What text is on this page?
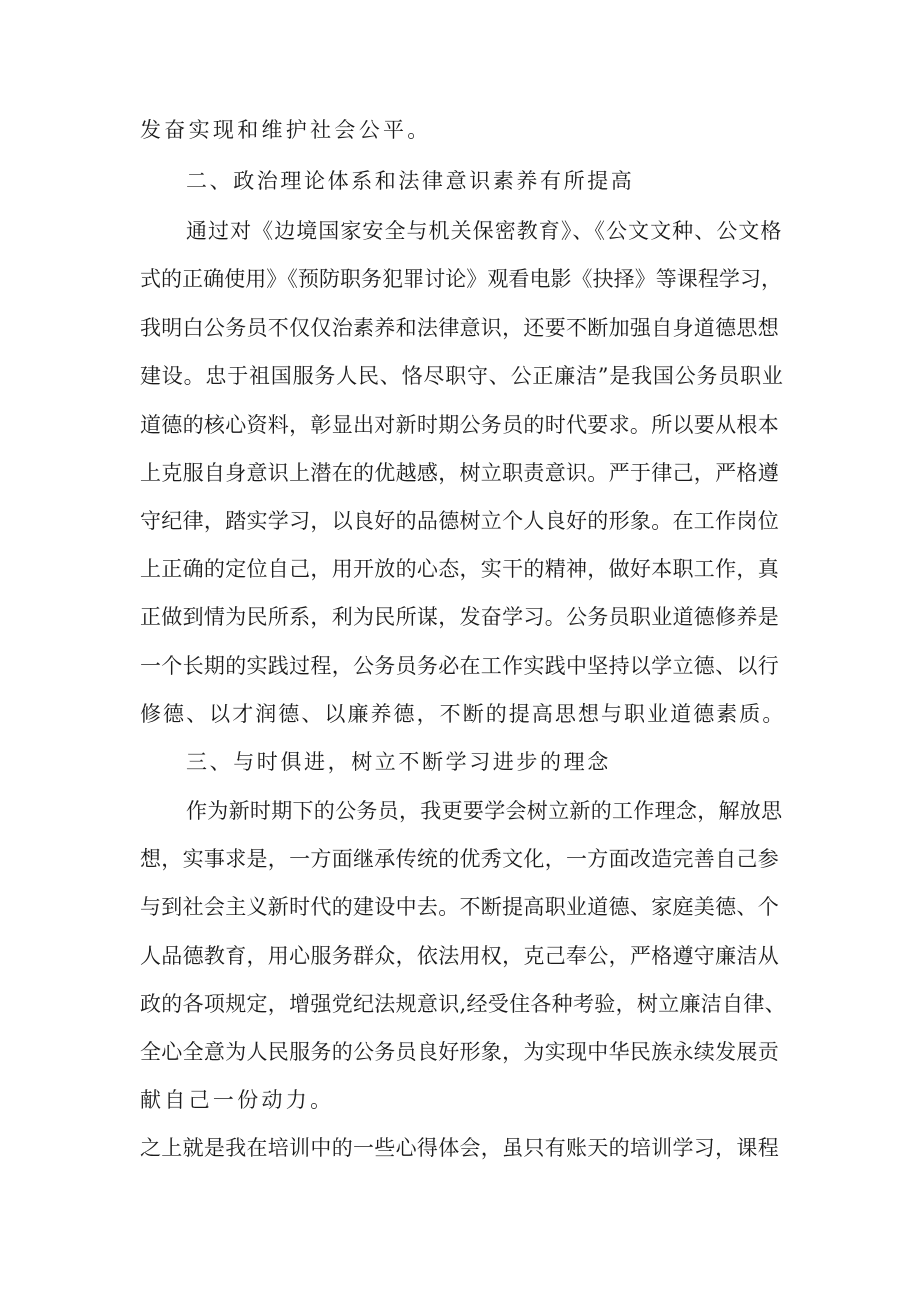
发奋实现和维护社会公平。
二、政治理论体系和法律意识素养有所提高
通过对《边境国家安全与机关保密教育》、《公文文种、公文格
式的正确使用》《预防职务犯罪讨论》观看电影《抉择》等课程学习，
我明白公务员不仅仅治素养和法律意识，还要不断加强自身道德思想
建设。忠于祖国服务人民、恪尽职守、公正廉洁”是我国公务员职业
道德的核心资料，彰显出对新时期公务员的时代要求。所以要从根本
上克服自身意识上潜在的优越感，树立职责意识。严于律己，严格遵
守纪律，踏实学习，以良好的品德树立个人良好的形象。在工作岗位
上正确的定位自己，用开放的心态，实干的精神，做好本职工作，真
正做到情为民所系，利为民所谋，发奋学习。公务员职业道德修养是
一个长期的实践过程，公务员务必在工作实践中坚持以学立德、以行
修德、以才润德、以廉养德，不断的提高思想与职业道德素质。
三、与时俱进，树立不断学习进步的理念
作为新时期下的公务员，我更要学会树立新的工作理念，解放思
想，实事求是，一方面继承传统的优秀文化，一方面改造完善自己参
与到社会主义新时代的建设中去。不断提高职业道德、家庭美德、个
人品德教育，用心服务群众，依法用权，克己奉公，严格遵守廉洁从
政的各项规定，增强党纪法规意识,经受住各种考验，树立廉洁自律、
全心全意为人民服务的公务员良好形象，为实现中华民族永续发展贡
献自己一份动力。
之上就是我在培训中的一些心得体会，虽只有账天的培训学习，课程
